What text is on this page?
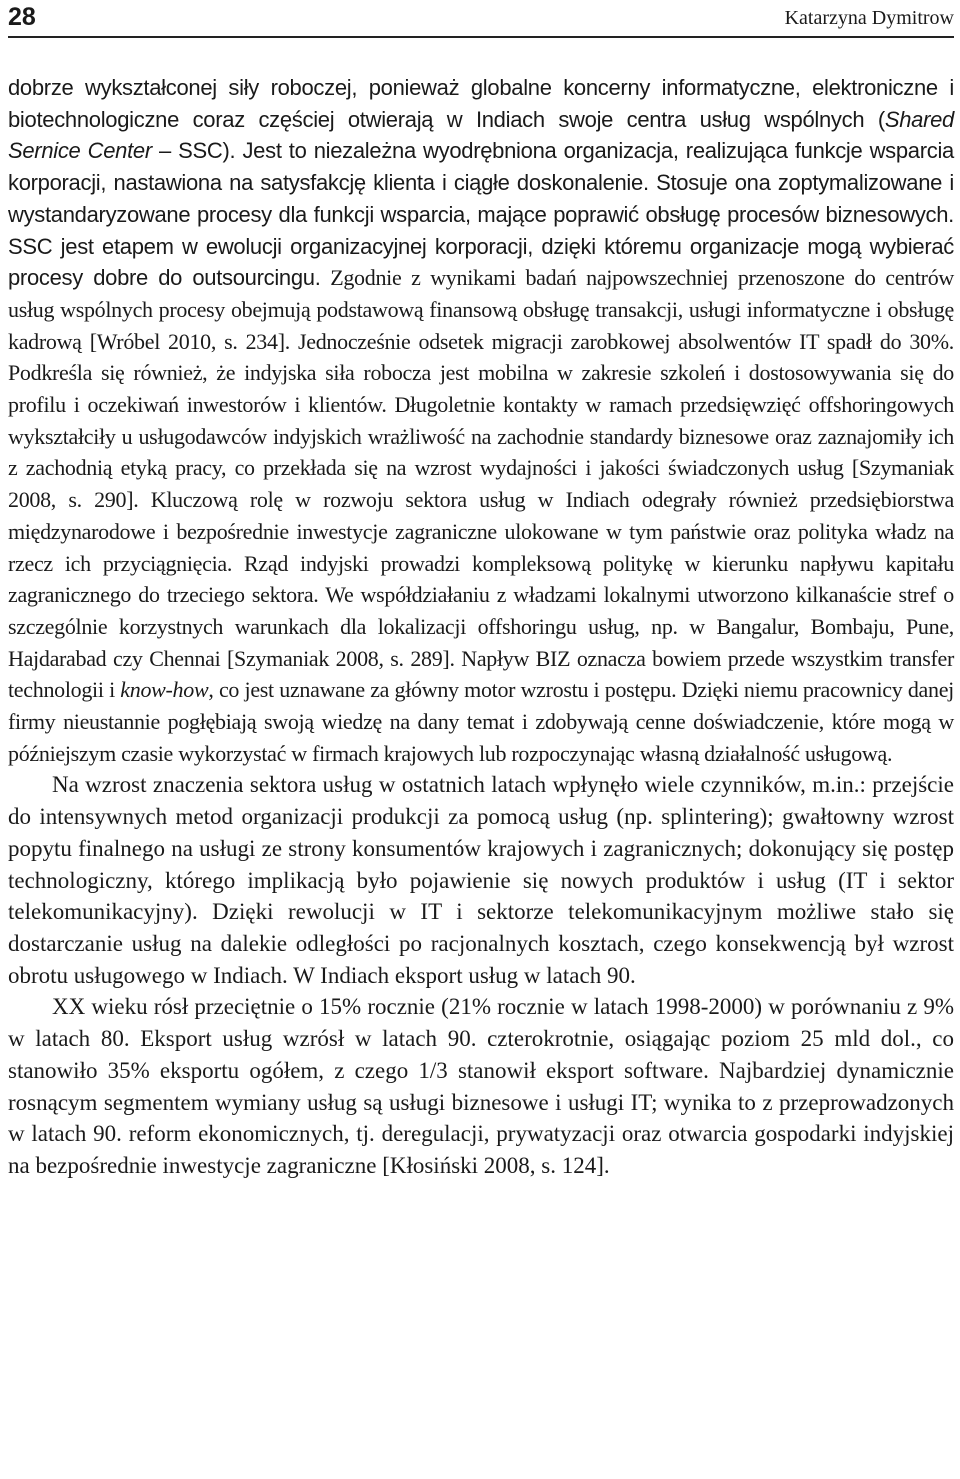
28	Katarzyna Dymitrow

dobrze wykształconej siły roboczej, ponieważ globalne koncerny informatyczne, elektroniczne i biotechnologiczne coraz częściej otwierają w Indiach swoje centra usług wspólnych (Shared Sernice Center – SSC). Jest to niezależna wyodrębniona organizacja, realizująca funkcje wsparcia korporacji, nastawiona na satysfakcję klienta i ciągłe doskonalenie. Stosuje ona zoptymalizowane i wystandaryzowane procesy dla funkcji wsparcia, mające poprawić obsługę procesów biznesowych. SSC jest etapem w ewolucji organizacyjnej korporacji, dzięki któremu organizacje mogą wybierać procesy dobre do outsourcingu. Zgodnie z wynikami badań najpowszechniej przenoszone do centrów usług wspólnych procesy obejmują podstawową finansową obsługę transakcji, usługi informatyczne i obsługę kadrową [Wróbel 2010, s. 234]. Jednocześnie odsetek migracji zarobkowej absolwentów IT spadł do 30%. Podkreśla się również, że indyjska siła robocza jest mobilna w zakresie szkoleń i dostosowywania się do profilu i oczekiwań inwestorów i klientów. Długoletnie kontakty w ramach przedsięwzięć offshoringowych wykształciły u usługodawców indyjskich wrażliwość na zachodnie standardy biznesowe oraz zaznajomiły ich z zachodnią etyką pracy, co przekłada się na wzrost wydajności i jakości świadczonych usług [Szymaniak 2008, s. 290]. Kluczową rolę w rozwoju sektora usług w Indiach odegrały również przedsiębiorstwa międzynarodowe i bezpośrednie inwestycje zagraniczne ulokowane w tym państwie oraz polityka władz na rzecz ich przyciągnięcia. Rząd indyjski prowadzi kompleksową politykę w kierunku napływu kapitału zagranicznego do trzeciego sektora. We współdziałaniu z władzami lokalnymi utworzono kilkanaście stref o szczególnie korzystnych warunkach dla lokalizacji offshoringu usług, np. w Bangalur, Bombaju, Pune, Hajdarabad czy Chennai [Szymaniak 2008, s. 289]. Napływ BIZ oznacza bowiem przede wszystkim transfer technologii i know-how, co jest uznawane za główny motor wzrostu i postępu. Dzięki niemu pracownicy danej firmy nieustannie pogłębiają swoją wiedzę na dany temat i zdobywają cenne doświadczenie, które mogą w późniejszym czasie wykorzystać w firmach krajowych lub rozpoczynając własną działalność usługową.

Na wzrost znaczenia sektora usług w ostatnich latach wpłynęło wiele czynników, m.in.: przejście do intensywnych metod organizacji produkcji za pomocą usług (np. splintering); gwałtowny wzrost popytu finalnego na usługi ze strony konsumentów krajowych i zagranicznych; dokonujący się postęp technologiczny, którego implikacją było pojawienie się nowych produktów i usług (IT i sektor telekomunikacyjny). Dzięki rewolucji w IT i sektorze telekomunikacyjnym możliwe stało się dostarczanie usług na dalekie odległości po racjonalnych kosztach, czego konsekwencją był wzrost obrotu usługowego w Indiach. W Indiach eksport usług w latach 90.

XX wieku rósł przeciętnie o 15% rocznie (21% rocznie w latach 1998-2000) w porównaniu z 9% w latach 80. Eksport usług wzrósł w latach 90. czterokrotnie, osiągając poziom 25 mld dol., co stanowiło 35% eksportu ogółem, z czego 1/3 stanowił eksport software. Najbardziej dynamicznie rosnącym segmentem wymiany usług są usługi biznesowe i usługi IT; wynika to z przeprowadzonych w latach 90. reform ekonomicznych, tj. deregulacji, prywatyzacji oraz otwarcia gospodarki indyjskiej na bezpośrednie inwestycje zagraniczne [Kłosiński 2008, s. 124].
